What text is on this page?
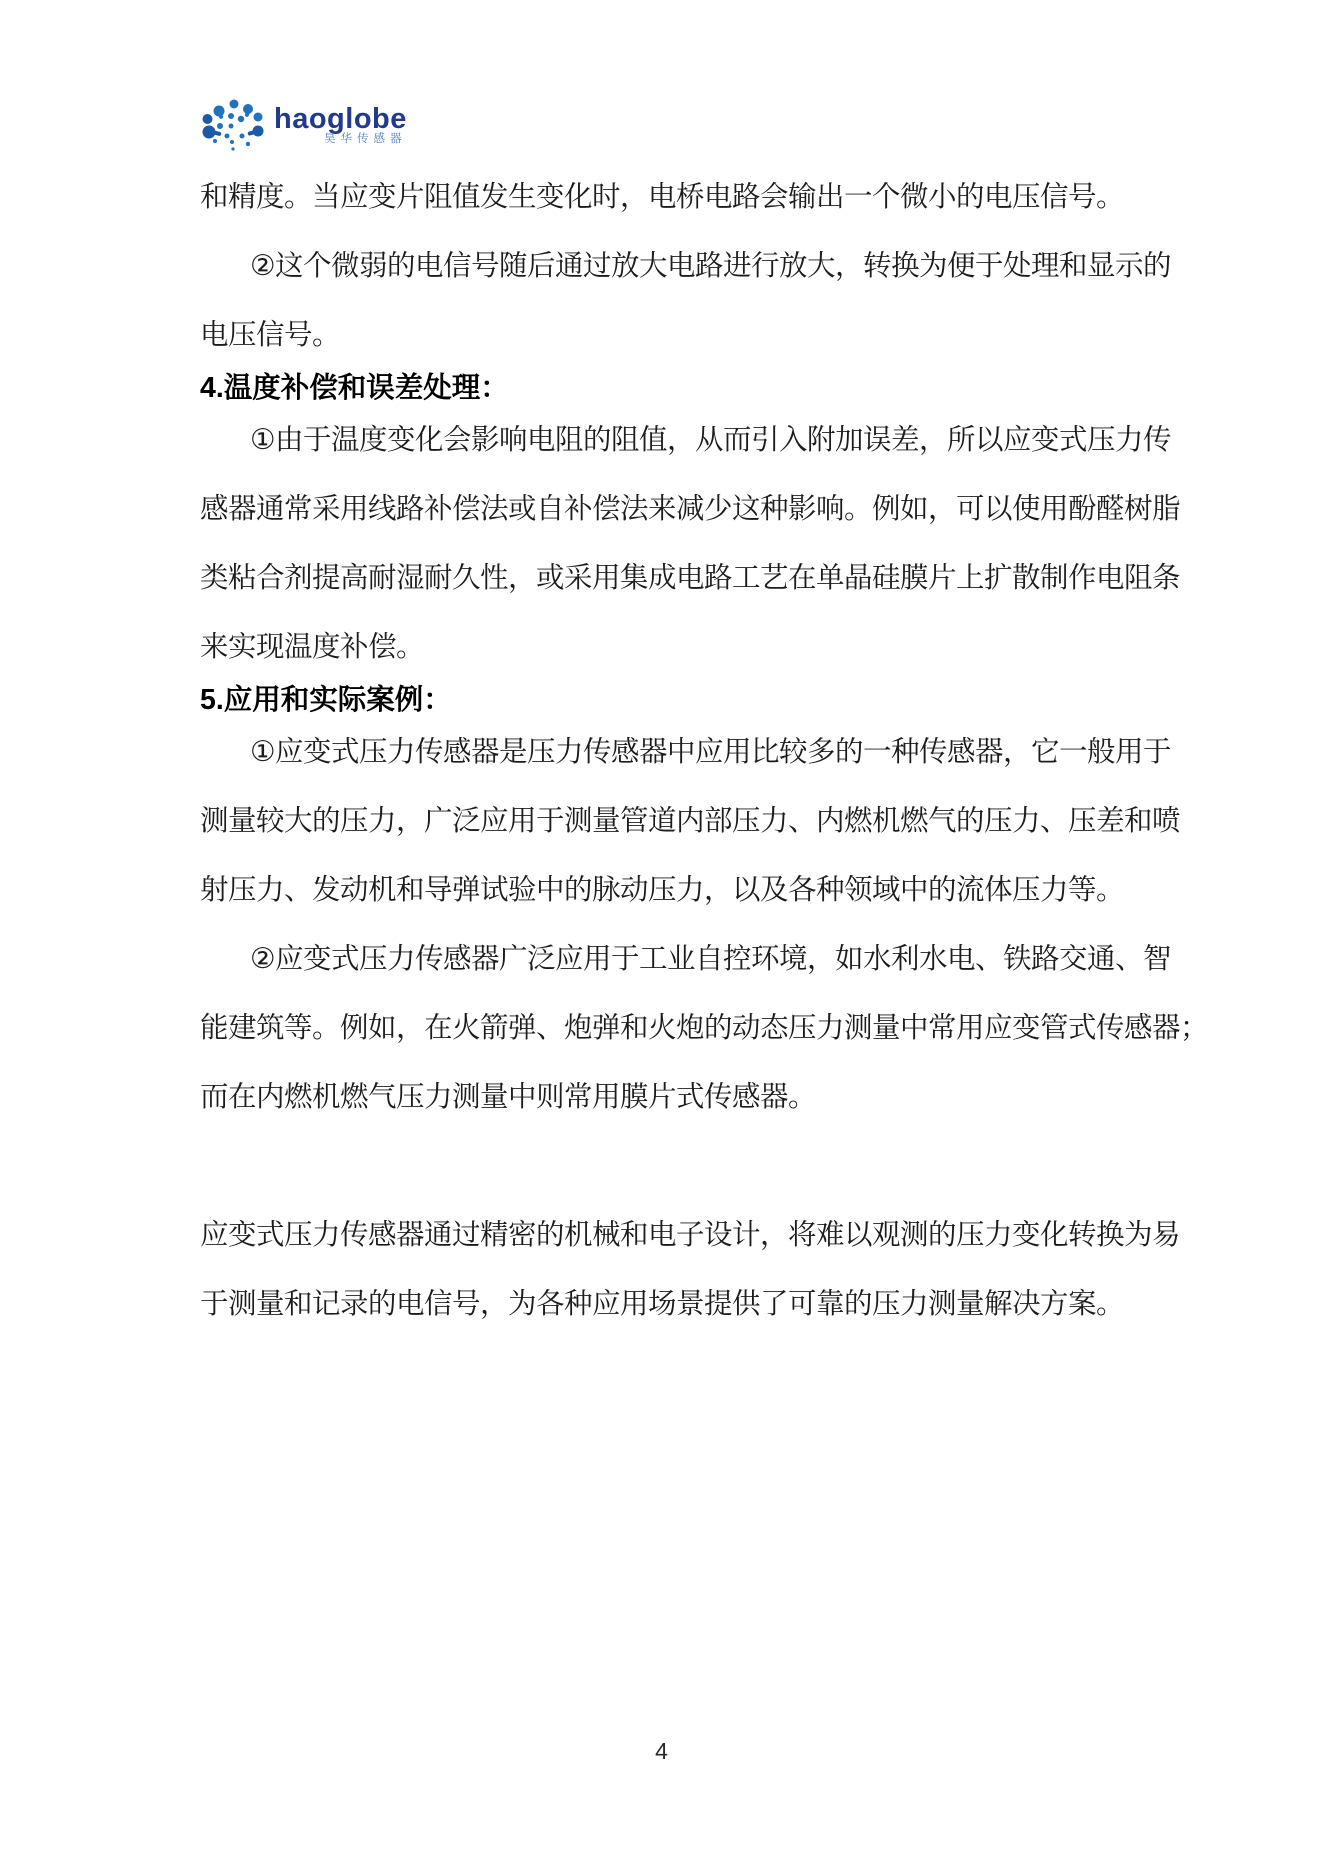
haoglobe
昊华传感器
和精度。当应变片阻值发生变化时，电桥电路会输出一个微小的电压信号。
②这个微弱的电信号随后通过放大电路进行放大，转换为便于处理和显示的
电压信号。
4.温度补偿和误差处理：
①由于温度变化会影响电阻的阻值，从而引入附加误差，所以应变式压力传
感器通常采用线路补偿法或自补偿法来减少这种影响。例如，可以使用酚醛树脂
类粘合剂提高耐湿耐久性，或采用集成电路工艺在单晶硅膜片上扩散制作电阻条
来实现温度补偿。
5.应用和实际案例：
①应变式压力传感器是压力传感器中应用比较多的一种传感器，它一般用于
测量较大的压力，广泛应用于测量管道内部压力、内燃机燃气的压力、压差和喷
射压力、发动机和导弹试验中的脉动压力，以及各种领域中的流体压力等。
②应变式压力传感器广泛应用于工业自控环境，如水利水电、铁路交通、智
能建筑等。例如，在火箭弹、炮弹和火炮的动态压力测量中常用应变管式传感器；
而在内燃机燃气压力测量中则常用膜片式传感器。
应变式压力传感器通过精密的机械和电子设计，将难以观测的压力变化转换为易
于测量和记录的电信号，为各种应用场景提供了可靠的压力测量解决方案。
4
